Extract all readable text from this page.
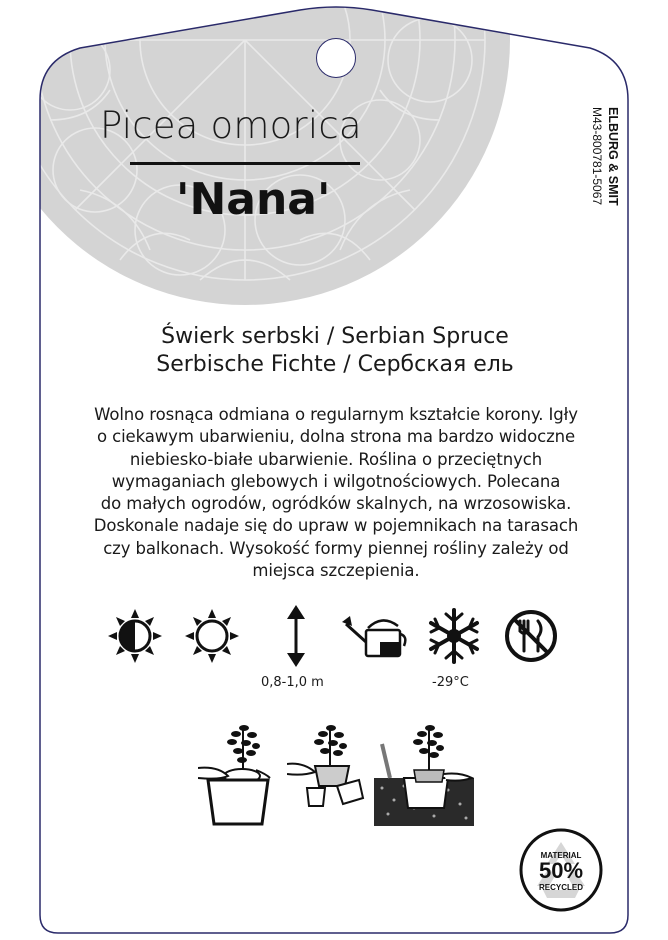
Picea omorica
'Nana'	ELBURG & SMIT
M43-800781-5067
Świerk serbski / Serbian Spruce
Serbische Fichte / Сербская ель
Wolno rosnąca odmiana o regularnym kształcie korony. Igły
o ciekawym ubarwieniu, dolna strona ma bardzo widoczne
niebiesko-białe ubarwienie. Roślina o przeciętnych
wymaganiach glebowych i wilgotnościowych. Polecana
do małych ogrodów, ogródków skalnych, na wrzosowiska.
Doskonale nadaje się do upraw w pojemnikach na tarasach
czy balkonach. Wysokość formy piennej rośliny zależy od
miejsca szczepienia.
0,8-1,0 m	-29°C
MATERIAL
50%
RECYCLED
